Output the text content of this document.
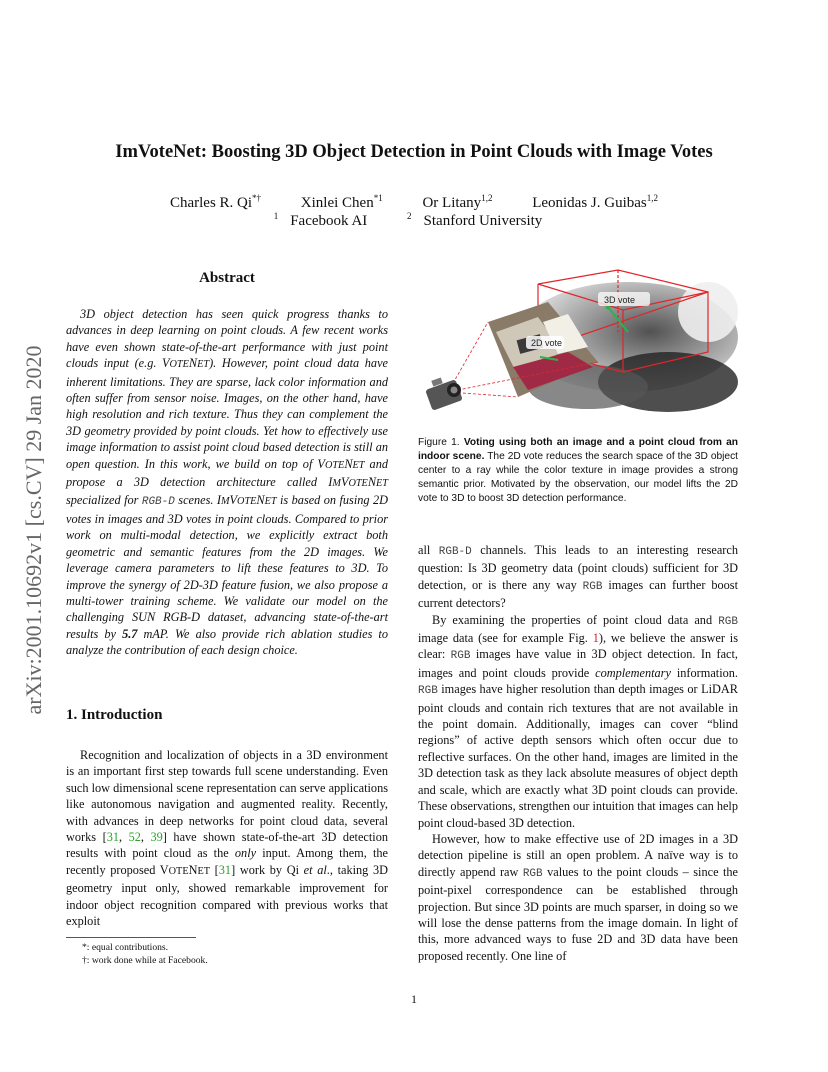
ImVoteNet: Boosting 3D Object Detection in Point Clouds with Image Votes
Charles R. Qi*†	Xinlei Chen$^{*1}$	Or Litany$^{1,2}$	Leonidas J. Guibas$^{1,2}$
$^1$ Facebook AI	$^2$ Stanford University
arXiv:2001.10692v1 [cs.CV] 29 Jan 2020
Abstract

3D object detection has seen quick progress thanks to advances in deep learning on point clouds. A few recent works have even shown state-of-the-art performance with just point clouds input (e.g. VOTENET). However, point cloud data have inherent limitations. They are sparse, lack color information and often suffer from sensor noise. Images, on the other hand, have high resolution and rich texture. Thus they can complement the 3D geometry provided by point clouds. Yet how to effectively use image information to assist point cloud based detection is still an open question. In this work, we build on top of VOTENET and propose a 3D detection architecture called IMVOTENET specialized for RGB-D scenes. IMVOTENET is based on fusing 2D votes in images and 3D votes in point clouds. Compared to prior work on multi-modal detection, we explicitly extract both geometric and semantic features from the 2D images. We leverage camera parameters to lift these features to 3D. To improve the synergy of 2D-3D feature fusion, we also propose a multi-tower training scheme. We validate our model on the challenging SUN RGB-D dataset, advancing state-of-the-art results by 5.7 mAP. We also provide rich ablation studies to analyze the contribution of each design choice.

1. Introduction

Recognition and localization of objects in a 3D environment is an important first step towards full scene understanding. Even such low dimensional scene representation can serve applications like autonomous navigation and augmented reality. Recently, with advances in deep networks for point cloud data, several works [31, 52, 39] have shown state-of-the-art 3D detection results with point cloud as the only input. Among them, the recently proposed VOTENET [31] work by Qi et al., taking 3D geometry input only, showed remarkable improvement for indoor object recognition compared with previous works that exploit

*: equal contributions.
†: work done while at Facebook.
1
3D vote
2D vote
Figure 1. Voting using both an image and a point cloud from an indoor scene. The 2D vote reduces the search space of the 3D object center to a ray while the color texture in image provides a strong semantic prior. Motivated by the observation, our model lifts the 2D vote to 3D to boost 3D detection performance.

all RGB-D channels. This leads to an interesting research question: Is 3D geometry data (point clouds) sufficient for 3D detection, or is there any way RGB images can further boost current detectors?

By examining the properties of point cloud data and RGB image data (see for example Fig. 1), we believe the answer is clear: RGB images have value in 3D object detection. In fact, images and point clouds provide complementary information. RGB images have higher resolution than depth images or LiDAR point clouds and contain rich textures that are not available in the point domain. Additionally, images can cover “blind regions” of active depth sensors which often occur due to reflective surfaces. On the other hand, images are limited in the 3D detection task as they lack absolute measures of object depth and scale, which are exactly what 3D point clouds can provide. These observations, strengthen our intuition that images can help point cloud-based 3D detection.

However, how to make effective use of 2D images in a 3D detection pipeline is still an open problem. A naïve way is to directly append raw RGB values to the point clouds – since the point-pixel correspondence can be established through projection. But since 3D points are much sparser, in doing so we will lose the dense patterns from the image domain. In light of this, more advanced ways to fuse 2D and 3D data have been proposed recently. One line of
